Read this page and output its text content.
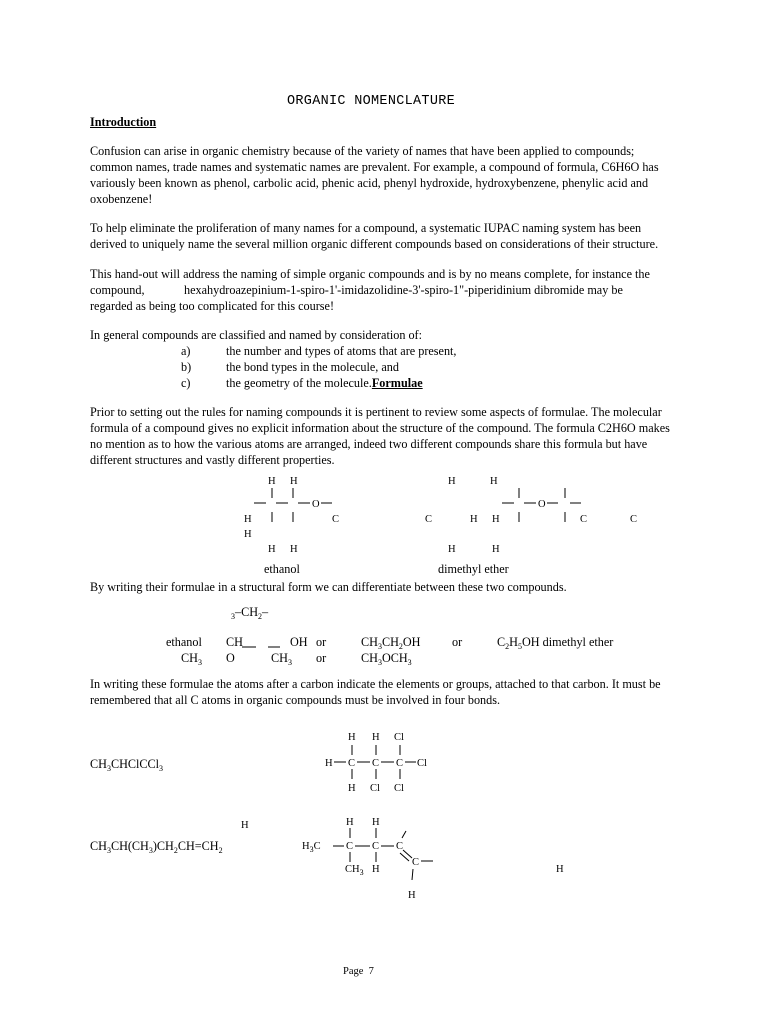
ORGANIC NOMENCLATURE
Introduction

Confusion can arise in organic chemistry because of the variety of names that have been applied to compounds; common names, trade names and systematic names are prevalent. For example, a compound of formula, C6H6O has variously been known as phenol, carbolic acid, phenic acid, phenyl hydroxide, hydroxybenzene, phenylic acid and oxobenzene!

To help eliminate the proliferation of many names for a compound, a systematic IUPAC naming system has been derived to uniquely name the several million organic different compounds based on considerations of their structure.

This hand-out will address the naming of simple organic compounds and is by no means complete, for instance the
compound,	hexahydroazepinium-1-spiro-1'-imidazolidine-3'-spiro-1"-piperidinium dibromide may be
regarded as being too complicated for this course!
In general compounds are classified and named by consideration of:
a)	the number and types of atoms that are present,
b)	the bond types in the molecule, and
c)	the geometry of the molecule.Formulae

Prior to setting out the rules for naming compounds it is pertinent to review some aspects of formulae. The molecular formula of a compound gives no explicit information about the structure of the compound. The formula C2H6O makes no mention as to how the various atoms are arranged, indeed two different compounds share this formula but have different structures and vastly different properties.

H H
O
H	C
H
H H
H	H
O
C	H H	C	C
H	H
ethanol	dimethyl ether
By writing their formulae in a structural form we can differentiate between these two compounds.
$_3-CH_2-$
ethanol CH	OH or	$CH_3CH_2OH$	or	$C_2H_5OH$ dimethyl ether
$CH_3$ O	$CH_3$ or	$CH_3OCH_3$

In writing these formulae the atoms after a carbon indicate the elements or groups, attached to that carbon. It must be remembered that all C atoms in organic compounds must be involved in four bonds.

$CH_3CHClCCl_3$
H H Cl
H C C C Cl
H Cl Cl
H
$CH_3CH(CH_3)CH_2CH=CH_2$
H H
$H_3C$ C C C
C
$CH_3$ H	H
H
Page 7
